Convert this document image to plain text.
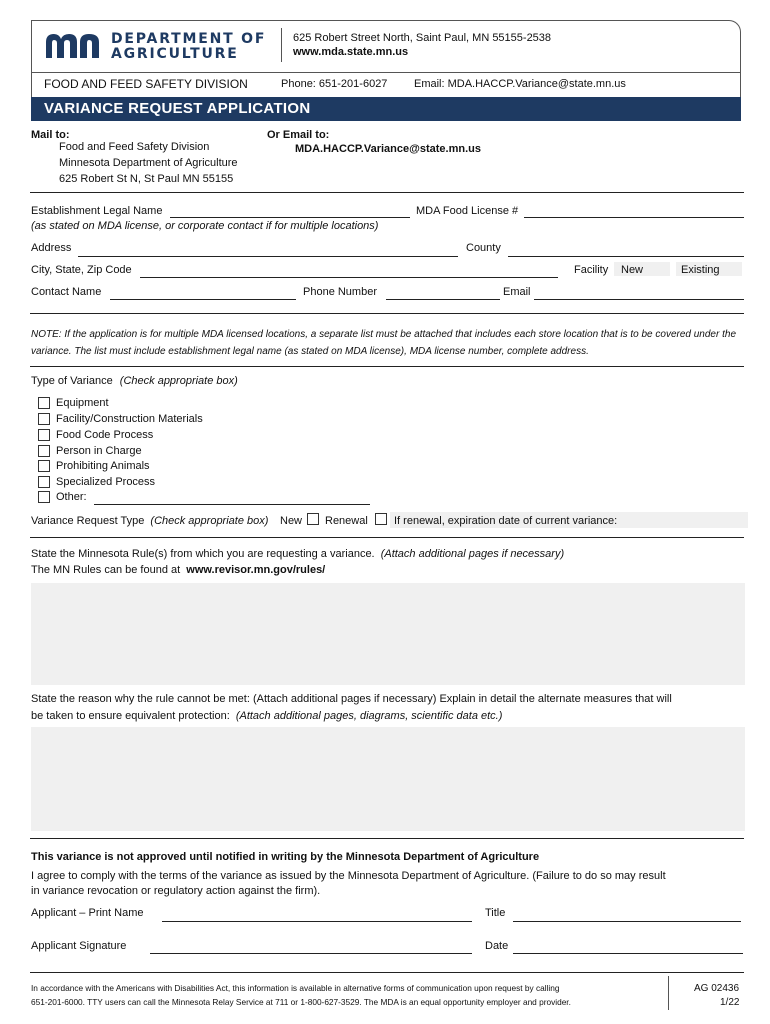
DEPARTMENT OF
AGRICULTURE
625 Robert Street North, Saint Paul, MN 55155-2538
www.mda.state.mn.us
FOOD AND FEED SAFETY DIVISION	Phone: 651-201-6027 Email: MDA.HACCP.Variance@state.mn.us
VARIANCE REQUEST APPLICATION
Mail to:
Food and Feed Safety Division
Minnesota Department of Agriculture
625 Robert St N, St Paul MN 55155
Or Email to:
MDA.HACCP.Variance@state.mn.us
Establishment Legal Name	MDA Food License #
(as stated on MDA license, or corporate contact if for multiple locations)
Address	County
City, State, Zip Code	Facility New	Existing
Contact Name	Phone Number	Email
NOTE: If the application is for multiple MDA licensed locations, a separate list must be attached that includes each store location that is to be covered under the variance. The list must include establishment legal name (as stated on MDA license), MDA license number, complete address.
Type of Variance (Check appropriate box)
Equipment
Facility/Construction Materials
Food Code Process
Person in Charge
Prohibiting Animals
Specialized Process
Other:
Variance Request Type (Check appropriate box) New Renewal If renewal, expiration date of current variance:
State the Minnesota Rule(s) from which you are requesting a variance. (Attach additional pages if necessary)
The MN Rules can be found at www.revisor.mn.gov/rules/
State the reason why the rule cannot be met: (Attach additional pages if necessary) Explain in detail the alternate measures that will
be taken to ensure equivalent protection: (Attach additional pages, diagrams, scientific data etc.)
This variance is not approved until notified in writing by the Minnesota Department of Agriculture
I agree to comply with the terms of the variance as issued by the Minnesota Department of Agriculture. (Failure to do so may result
in variance revocation or regulatory action against the firm).
Applicant – Print Name	Title
Applicant Signature	Date
In accordance with the Americans with Disabilities Act, this information is available in alternative forms of communication upon request by calling
651-201-6000. TTY users can call the Minnesota Relay Service at 711 or 1-800-627-3529. The MDA is an equal opportunity employer and provider.
AG 02436
1/22
